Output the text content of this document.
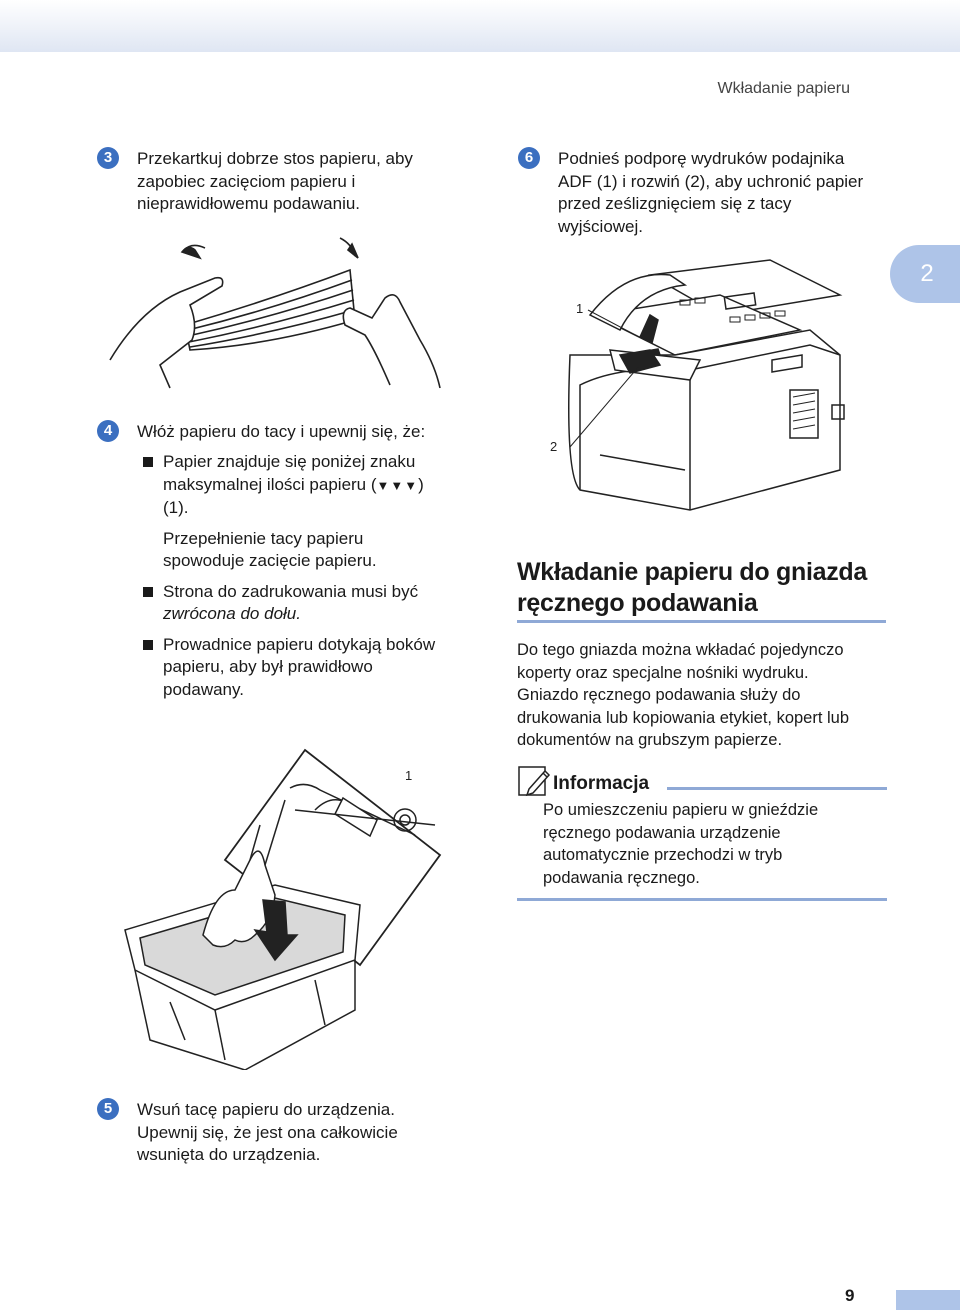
Wkładanie papieru
2
3	Przekartkuj dobrze stos papieru, aby
zapobiec zacięciom papieru i
nieprawidłowemu podawaniu.
4	Włóż papieru do tacy i upewnij się, że:
Papier znajduje się poniżej znaku
maksymalnej ilości papieru (▼▼▼)
(1).
Przepełnienie tacy papieru
spowoduje zacięcie papieru.
Strona do zadrukowania musi być
zwrócona do dołu.
Prowadnice papieru dotykają boków
papieru, aby był prawidłowo
podawany.
1
5	Wsuń tacę papieru do urządzenia.
Upewnij się, że jest ona całkowicie
wsunięta do urządzenia.
6	Podnieś podporę wydruków podajnika
ADF (1) i rozwiń (2), aby uchronić papier
przed ześlizgnięciem się z tacy
wyjściowej.
1
2
Wkładanie papieru do gniazda
ręcznego podawania
Do tego gniazda można wkładać pojedynczo
koperty oraz specjalne nośniki wydruku.
Gniazdo ręcznego podawania służy do
drukowania lub kopiowania etykiet, kopert lub
dokumentów na grubszym papierze.
Informacja
Po umieszczeniu papieru w gnieździe
ręcznego podawania urządzenie
automatycznie przechodzi w tryb
podawania ręcznego.
9
